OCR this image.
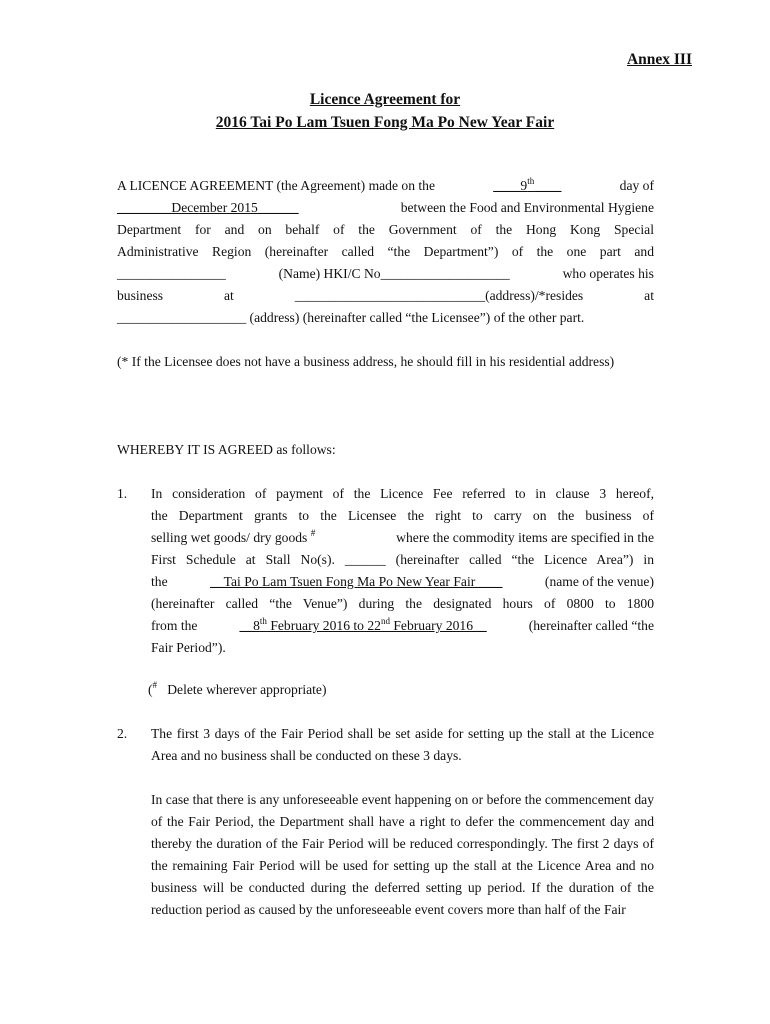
Annex III
Licence Agreement for
2016 Tai Po Lam Tsuen Fong Ma Po New Year Fair
A LICENCE AGREEMENT (the Agreement) made on the	____9th____	day of
________December 2015______	between the Food and Environmental Hygiene
Department for and on behalf of the Government of the Hong Kong Special
Administrative Region (hereinafter called “the Department”) of the one part and
________________	(Name) HKI/C No___________________	who operates his
business	at	____________________________(address)/*resides	at
___________________ (address) (hereinafter called “the Licensee”) of the other part.
(* If the Licensee does not have a business address, he should fill in his residential address)
WHEREBY IT IS AGREED as follows:
1.	In consideration of payment of the Licence Fee referred to in clause 3 hereof,
the Department grants to the Licensee the right to carry on the business of
selling wet goods/ dry goods #	where the commodity items are specified in the
First Schedule at Stall No(s). ______ (hereinafter called “the Licence Area”) in
the	__Tai Po Lam Tsuen Fong Ma Po New Year Fair____	(name of the venue)
(hereinafter called “the Venue”) during the designated hours of 0800 to 1800
from the	__8th February 2016 to 22nd February 2016__	(hereinafter called “the
Fair Period”).
(# Delete wherever appropriate)
2.	The first 3 days of the Fair Period shall be set aside for setting up the stall at the Licence Area and no business shall be conducted on these 3 days.
In case that there is any unforeseeable event happening on or before the commencement day of the Fair Period, the Department shall have a right to defer the commencement day and thereby the duration of the Fair Period will be reduced correspondingly. The first 2 days of the remaining Fair Period will be used for setting up the stall at the Licence Area and no business will be conducted during the deferred setting up period. If the duration of the reduction period as caused by the unforeseeable event covers more than half of the Fair
